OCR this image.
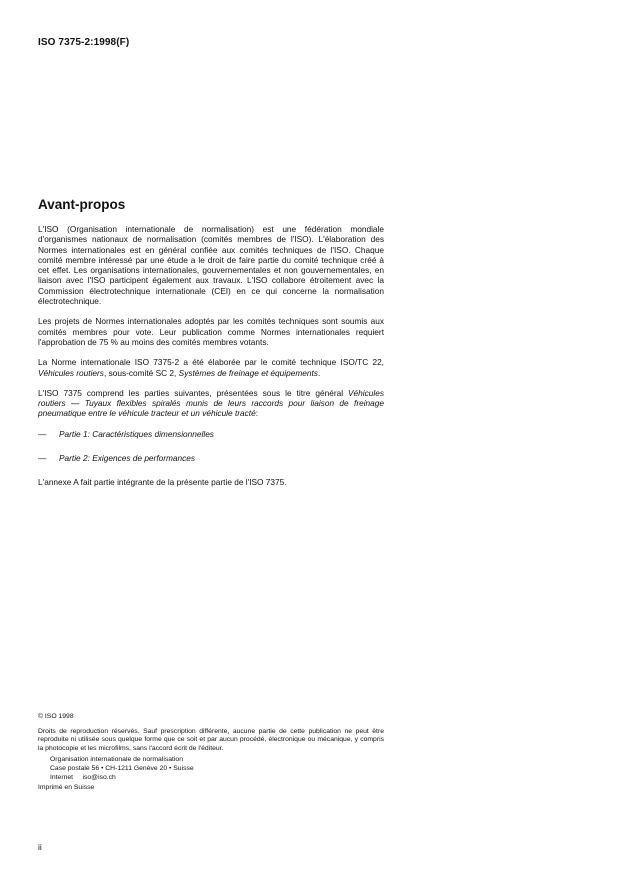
ISO 7375-2:1998(F)
Avant-propos

L'ISO (Organisation internationale de normalisation) est une fédération mondiale d'organismes nationaux de normalisation (comités membres de l'ISO). L'élaboration des Normes internationales est en général confiée aux comités techniques de l'ISO. Chaque comité membre intéressé par une étude a le droit de faire partie du comité technique créé à cet effet. Les organisations internationales, gouvernementales et non gouvernementales, en liaison avec l'ISO participent également aux travaux. L'ISO collabore étroitement avec la Commission électrotechnique internationale (CEI) en ce qui concerne la normalisation électrotechnique.

Les projets de Normes internationales adoptés par les comités techniques sont soumis aux comités membres pour vote. Leur publication comme Normes internationales requiert l'approbation de 75 % au moins des comités membres votants.

La Norme internationale ISO 7375-2 a été élaborée par le comité technique ISO/TC 22, Véhicules routiers, sous-comité SC 2, Systèmes de freinage et équipements.

L'ISO 7375 comprend les parties suivantes, présentées sous le titre général Véhicules routiers — Tuyaux flexibles spiralés munis de leurs raccords pour liaison de freinage pneumatique entre le véhicule tracteur et un véhicule tracté:

—	Partie 1: Caractéristiques dimensionnelles
—	Partie 2: Exigences de performances

L'annexe A fait partie intégrante de la présente partie de l'ISO 7375.

© ISO 1998
Droits de reproduction réservés. Sauf prescription différente, aucune partie de cette publication ne peut être reproduite ni utilisée sous quelque forme que ce soit et par aucun procédé, électronique ou mécanique, y compris la photocopie et les microfilms, sans l'accord écrit de l'éditeur.
Organisation internationale de normalisation
Case postale 56 • CH-1211 Genève 20 • Suisse
Internet     iso@iso.ch
Imprimé en Suisse
ii
